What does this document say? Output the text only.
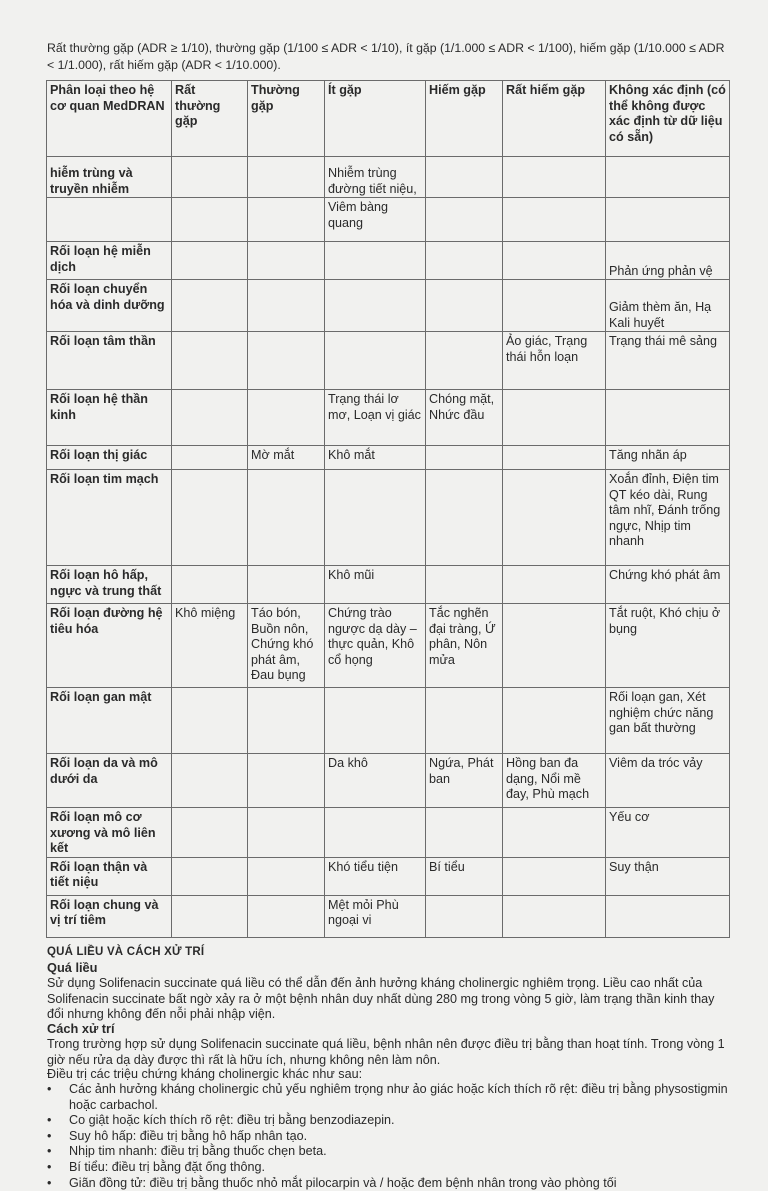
Rất thường gặp (ADR ≥ 1/10), thường gặp (1/100 ≤ ADR < 1/10), ít gặp (1/1.000 ≤ ADR < 1/100), hiếm gặp (1/10.000 ≤ ADR < 1/1.000), rất hiếm gặp (ADR < 1/10.000).
Phân loại theo hệ cơ quan MedDRAN	Rất thường gặp	Thường gặp	Ít gặp	Hiếm gặp	Rất hiếm gặp	Không xác định (có thể không được xác định từ dữ liệu có sẵn)
hiễm trùng và truyền nhiễm			Nhiễm trùng đường tiết niệu,			
			Viêm bàng quang			
Rối loạn hệ miễn dịch						Phản ứng phản vệ
Rối loạn chuyển hóa và dinh dưỡng						Giảm thèm ăn, Hạ Kali huyết
Rối loạn tâm thần					Ảo giác, Trạng thái hỗn loạn	Trạng thái mê sảng
Rối loạn hệ thần kinh			Trạng thái lơ mơ, Loạn vị giác	Chóng mặt, Nhức đầu		
Rối loạn thị giác		Mờ mắt	Khô mắt			Tăng nhãn áp
Rối loạn tim mạch						Xoắn đỉnh, Điện tim QT kéo dài, Rung tâm nhĩ, Đánh trống ngực, Nhịp tim nhanh
Rối loạn hô hấp, ngực và trung thất			Khô mũi			Chứng khó phát âm
Rối loạn đường hệ tiêu hóa	Khô miệng	Táo bón, Buồn nôn, Chứng khó phát âm, Đau bụng	Chứng trào ngược dạ dày – thực quản, Khô cổ họng	Tắc nghẽn đại tràng, Ứ phân, Nôn mửa		Tắt ruột, Khó chịu ở bụng
Rối loạn gan mật						Rối loạn gan, Xét nghiệm chức năng gan bất thường
Rối loạn da và mô dưới da			Da khô	Ngứa, Phát ban	Hồng ban đa dạng, Nổi mề đay, Phù mạch	Viêm da tróc vảy
Rối loạn mô cơ xương và mô liên kết						Yếu cơ
Rối loạn thận và tiết niệu			Khó tiểu tiện	Bí tiểu		Suy thận
Rối loạn chung và vị trí tiêm			Mệt mỏi Phù ngoại vi			
QUÁ LIỀU VÀ CÁCH XỬ TRÍ
Quá liều
Sử dụng Solifenacin succinate quá liều có thể dẫn đến ảnh hưởng kháng cholinergic nghiêm trọng. Liều cao nhất của Solifenacin succinate bất ngờ xảy ra ở một bệnh nhân duy nhất dùng 280 mg trong vòng 5 giờ, làm trạng thần kinh thay đổi nhưng không đến nỗi phải nhập viện.
Cách xử trí
Trong trường hợp sử dụng Solifenacin succinate quá liều, bệnh nhân nên được điều trị bằng than hoạt tính. Trong vòng 1 giờ nếu rửa dạ dày được thì rất là hữu ích, nhưng không nên làm nôn.
Điều trị các triệu chứng kháng cholinergic khác như sau:
• Các ảnh hưởng kháng cholinergic chủ yếu nghiêm trọng như ảo giác hoặc kích thích rõ rệt: điều trị bằng physostigmin hoặc carbachol.
• Co giật hoặc kích thích rõ rệt: điều trị bằng benzodiazepin.
• Suy hô hấp: điều trị bằng hô hấp nhân tạo.
• Nhịp tim nhanh: điều trị bằng thuốc chẹn beta.
• Bí tiểu: điều trị bằng đặt ống thông.
• Giãn đồng tử: điều trị bằng thuốc nhỏ mắt pilocarpin và / hoặc đem bệnh nhân trong vào phòng tối
